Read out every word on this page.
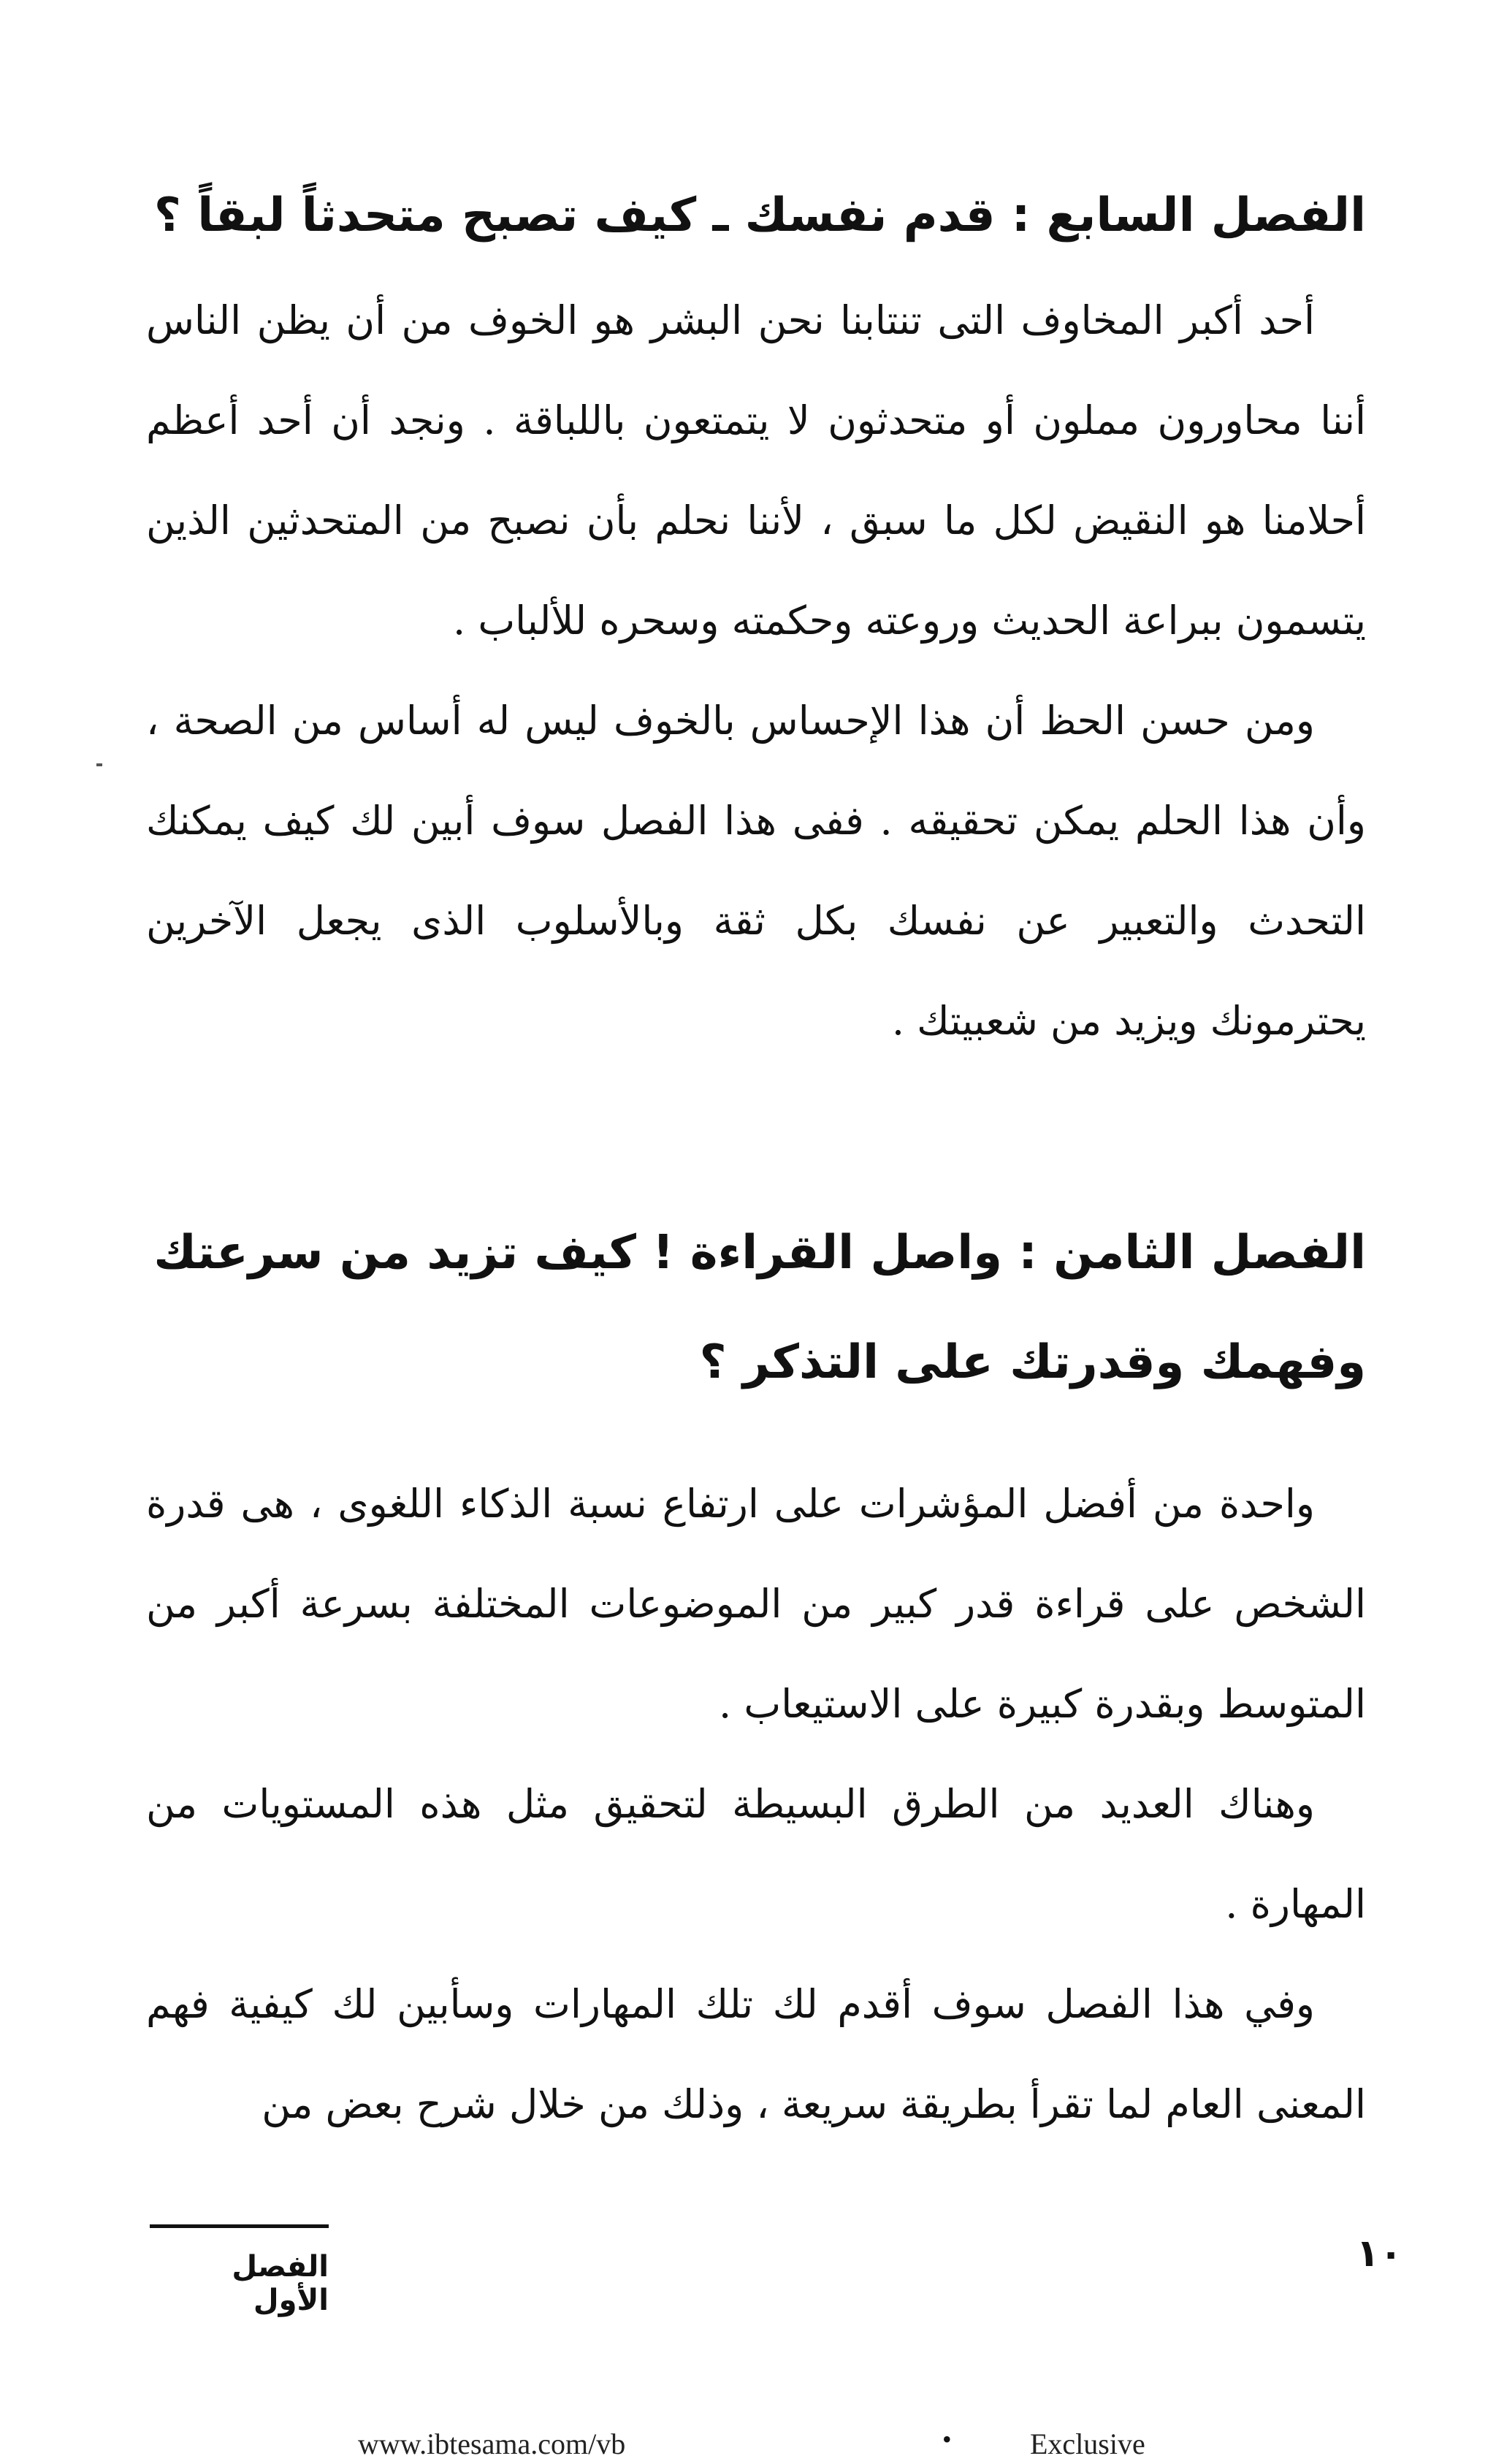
الفصل السابع : قدم نفسك ـ كيف تصبح متحدثاً لبقاً ؟

أحد أكبر المخاوف التى تنتابنا نحن البشر هو الخوف من أن يظن الناس أننا محاورون مملون أو متحدثون لا يتمتعون باللباقة . ونجد أن أحد أعظم أحلامنا هو النقيض لكل ما سبق ، لأننا نحلم بأن نصبح من المتحدثين الذين يتسمون ببراعة الحديث وروعته وحكمته وسحره للألباب .

ومن حسن الحظ أن هذا الإحساس بالخوف ليس له أساس من الصحة ، وأن هذا الحلم يمكن تحقيقه . ففى هذا الفصل سوف أبين لك كيف يمكنك التحدث والتعبير عن نفسك بكل ثقة وبالأسلوب الذى يجعل الآخرين يحترمونك ويزيد من شعبيتك .

الفصل الثامن : واصل القراءة ! كيف تزيد من سرعتك وفهمك وقدرتك على التذكر ؟

واحدة من أفضل المؤشرات على ارتفاع نسبة الذكاء اللغوى ، هى قدرة الشخص على قراءة قدر كبير من الموضوعات المختلفة بسرعة أكبر من المتوسط وبقدرة كبيرة على الاستيعاب .

وهناك العديد من الطرق البسيطة لتحقيق مثل هذه المستويات من المهارة .

وفي هذا الفصل سوف أقدم لك تلك المهارات وسأبين لك كيفية فهم المعنى العام لما تقرأ بطريقة سريعة ، وذلك من خلال شرح بعض من

الفصل الأول
١٠
www.ibtesama.com/vb	•	Exclusive
